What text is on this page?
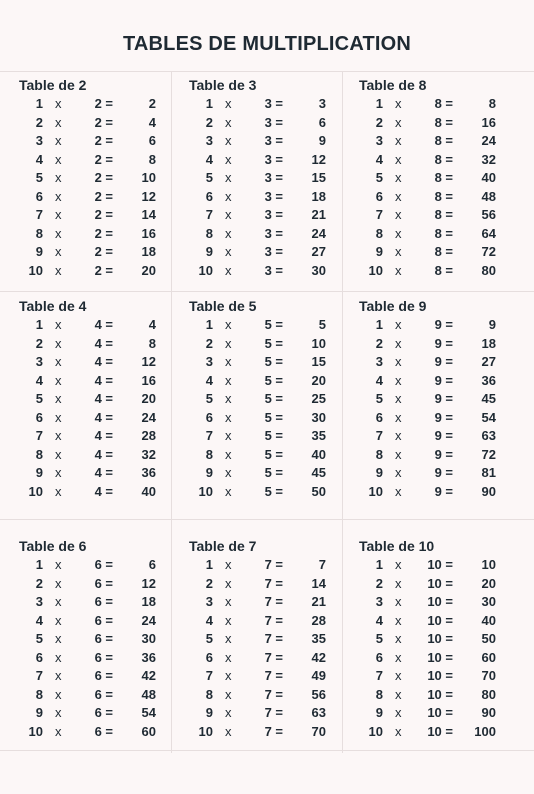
TABLES DE MULTIPLICATION
Table de 2
1 x	2 =	2
2 x	2 =	4
3 x	2 =	6
4 x	2 =	8
5 x	2 =	10
6 x	2 =	12
7 x	2 =	14
8 x	2 =	16
9 x	2 =	18
10 x	2 =	20
Table de 3
1 x	3 =	3
2 x	3 =	6
3 x	3 =	9
4 x	3 =	12
5 x	3 =	15
6 x	3 =	18
7 x	3 =	21
8 x	3 =	24
9 x	3 =	27
10 x	3 =	30
Table de 8
1 x	8 =	8
2 x	8 =	16
3 x	8 =	24
4 x	8 =	32
5 x	8 =	40
6 x	8 =	48
7 x	8 =	56
8 x	8 =	64
9 x	8 =	72
10 x	8 =	80
Table de 4
1 x	4 =	4
2 x	4 =	8
3 x	4 =	12
4 x	4 =	16
5 x	4 =	20
6 x	4 =	24
7 x	4 =	28
8 x	4 =	32
9 x	4 =	36
10 x	4 =	40
Table de 5
1 x	5 =	5
2 x	5 =	10
3 x	5 =	15
4 x	5 =	20
5 x	5 =	25
6 x	5 =	30
7 x	5 =	35
8 x	5 =	40
9 x	5 =	45
10 x	5 =	50
Table de 9
1 x	9 =	9
2 x	9 =	18
3 x	9 =	27
4 x	9 =	36
5 x	9 =	45
6 x	9 =	54
7 x	9 =	63
8 x	9 =	72
9 x	9 =	81
10 x	9 =	90
Table de 6
1 x	6 =	6
2 x	6 =	12
3 x	6 =	18
4 x	6 =	24
5 x	6 =	30
6 x	6 =	36
7 x	6 =	42
8 x	6 =	48
9 x	6 =	54
10 x	6 =	60
Table de 7
1 x	7 =	7
2 x	7 =	14
3 x	7 =	21
4 x	7 =	28
5 x	7 =	35
6 x	7 =	42
7 x	7 =	49
8 x	7 =	56
9 x	7 =	63
10 x	7 =	70
Table de 10
1 x	10 =	10
2 x	10 =	20
3 x	10 =	30
4 x	10 =	40
5 x	10 =	50
6 x	10 =	60
7 x	10 =	70
8 x	10 =	80
9 x	10 =	90
10 x	10 =	100
